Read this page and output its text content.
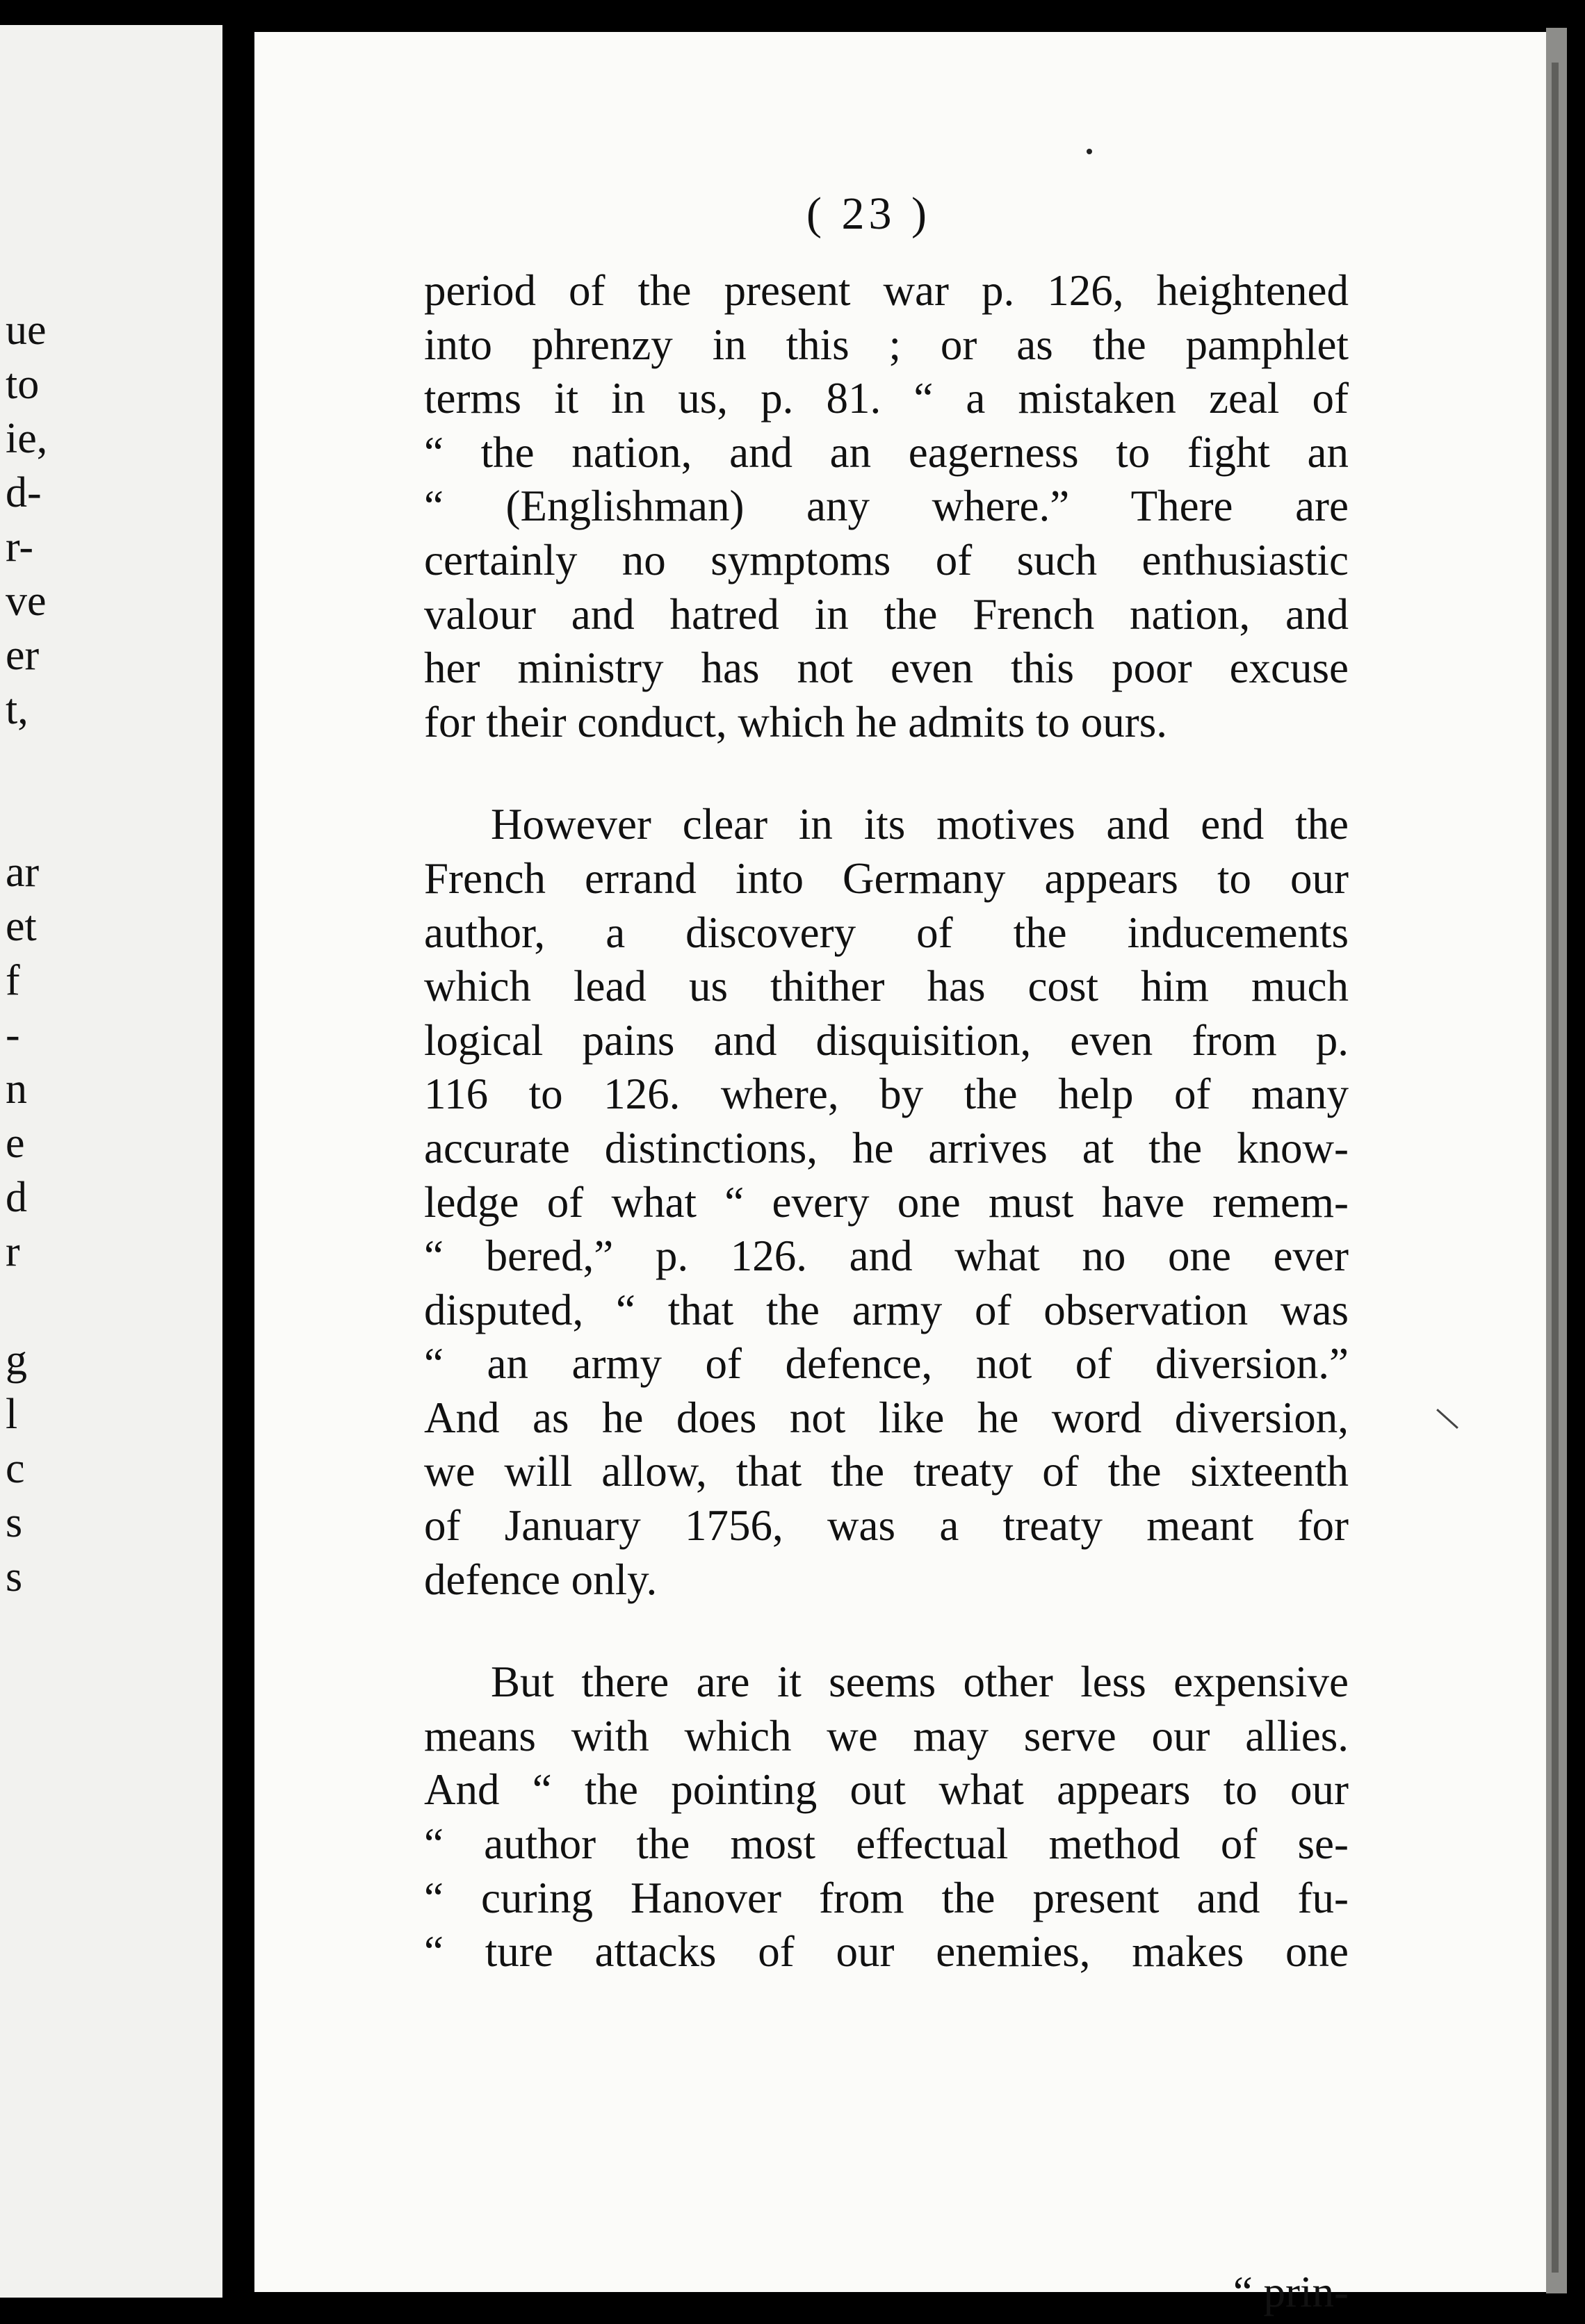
ue
to
ie,
d-
r-
ve
er
t,

ar
et
f
-
n
e
d
r

g
l
c
s
s
( 23 )

period of the present war p. 126, heightened
into phrenzy in this ; or as the pamphlet
terms it in us, p. 81. “ a mistaken zeal of
“ the nation, and an eagerness to fight an
“ (Englishman) any where.” There are
certainly no symptoms of such enthusiastic
valour and hatred in the French nation, and
her ministry has not even this poor excuse
for their conduct, which he admits to ours.

However clear in its motives and end the
French errand into Germany appears to our
author, a discovery of the inducements
which lead us thither has cost him much
logical pains and disquisition, even from p.
116 to 126. where, by the help of many
accurate distinctions, he arrives at the know-
ledge of what “ every one must have remem-
“ bered,” p. 126. and what no one ever
disputed, “ that the army of observation was
“ an army of defence, not of diversion.”
And as he does not like he word diversion,
we will allow, that the treaty of the sixteenth
of January 1756, was a treaty meant for
defence only.

But there are it seems other less expensive
means with which we may serve our allies.
And “ the pointing out what appears to our
“ author the most effectual method of se-
“ curing Hanover from the present and fu-
“ ture attacks of our enemies, makes one

“ prin-
